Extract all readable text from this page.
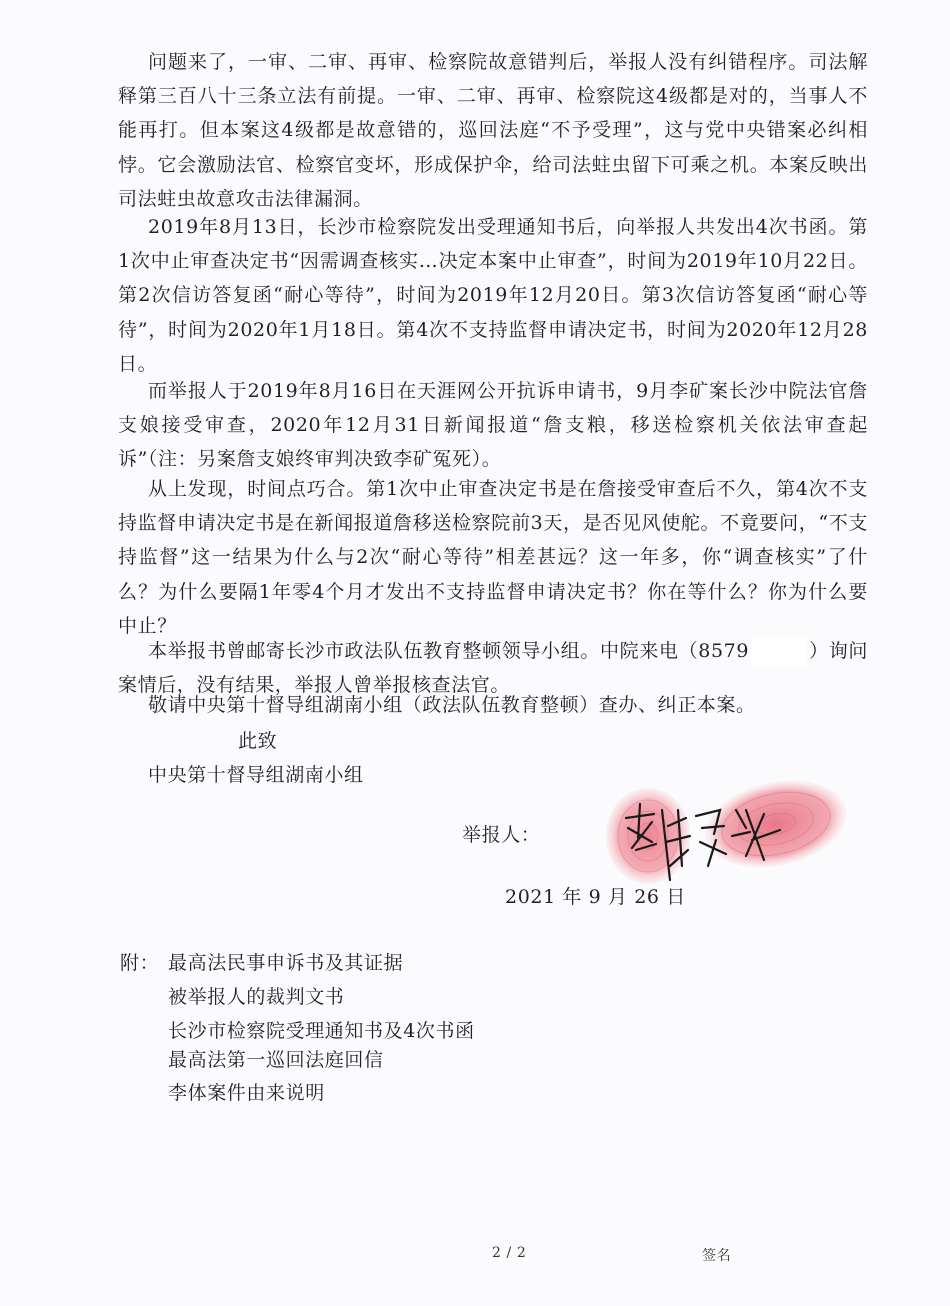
问题来了，一审、二审、再审、检察院故意错判后，举报人没有纠错程序。司法解释第三百八十三条立法有前提。一审、二审、再审、检察院这4级都是对的，当事人不能再打。但本案这4级都是故意错的，巡回法庭“不予受理”，这与党中央错案必纠相悖。它会激励法官、检察官变坏，形成保护伞，给司法蛀虫留下可乘之机。本案反映出司法蛀虫故意攻击法律漏洞。

2019年8月13日，长沙市检察院发出受理通知书后，向举报人共发出4次书函。第1次中止审查决定书“因需调查核实…决定本案中止审查”，时间为2019年10月22日。第2次信访答复函“耐心等待”，时间为2019年12月20日。第3次信访答复函“耐心等待”，时间为2020年1月18日。第4次不支持监督申请决定书，时间为2020年12月28日。

而举报人于2019年8月16日在天涯网公开抗诉申请书，9月李矿案长沙中院法官詹支娘接受审查，2020年12月31日新闻报道“詹支粮，移送检察机关依法审查起诉”（注：另案詹支娘终审判决致李矿冤死）。

从上发现，时间点巧合。第1次中止审查决定书是在詹接受审查后不久，第4次不支持监督申请决定书是在新闻报道詹移送检察院前3天，是否见风使舵。不竟要问，“不支持监督”这一结果为什么与2次“耐心等待”相差甚远？这一年多，你“调查核实”了什么？为什么要隔1年零4个月才发出不支持监督申请决定书？你在等什么？你为什么要中止？

本举报书曾邮寄长沙市政法队伍教育整顿领导小组。中院来电（8579	）询问案情后，没有结果，举报人曾举报核查法官。

敬请中央第十督导组湖南小组（政法队伍教育整顿）查办、纠正本案。

此致

中央第十督导组湖南小组

举报人：

2021 年 9 月 26 日

附： 最高法民事申诉书及其证据

被举报人的裁判文书

长沙市检察院受理通知书及4次书函

最高法第一巡回法庭回信

李体案件由来说明

2 / 2	签名
